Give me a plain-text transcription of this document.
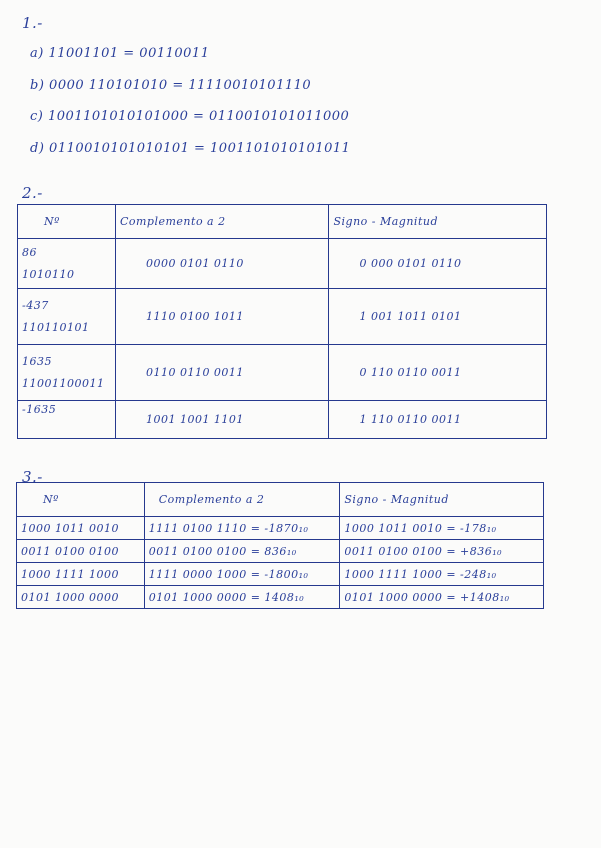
1.-
a) 11001101 = 00110011
b) 0000 110101010 = 11110010101110
c) 1001101010101000 = 0110010101011000
d) 0110010101010101 = 1001101010101011
2.-
Nº	Complemento a 2	Signo - Magnitud

86
1010110	0000 0101 0110	0 000 0101 0110

-437
110110101	1110 0100 1011	1 001 1011 0101

1635
11001100011	0110 0110 0011	0 110 0110 0011

-1635	1001 1001 1101	1 110 0110 0011
3.-
Nº	Complemento a 2	Signo - Magnitud
1000 1011 0010	1111 0100 1110 = -1870₁₀	1000 1011 0010 = -178₁₀
0011 0100 0100	0011 0100 0100 = 836₁₀	0011 0100 0100 = +836₁₀
1000 1111 1000	1111 0000 1000 = -1800₁₀	1000 1111 1000 = -248₁₀
0101 1000 0000	0101 1000 0000 = 1408₁₀	0101 1000 0000 = +1408₁₀
